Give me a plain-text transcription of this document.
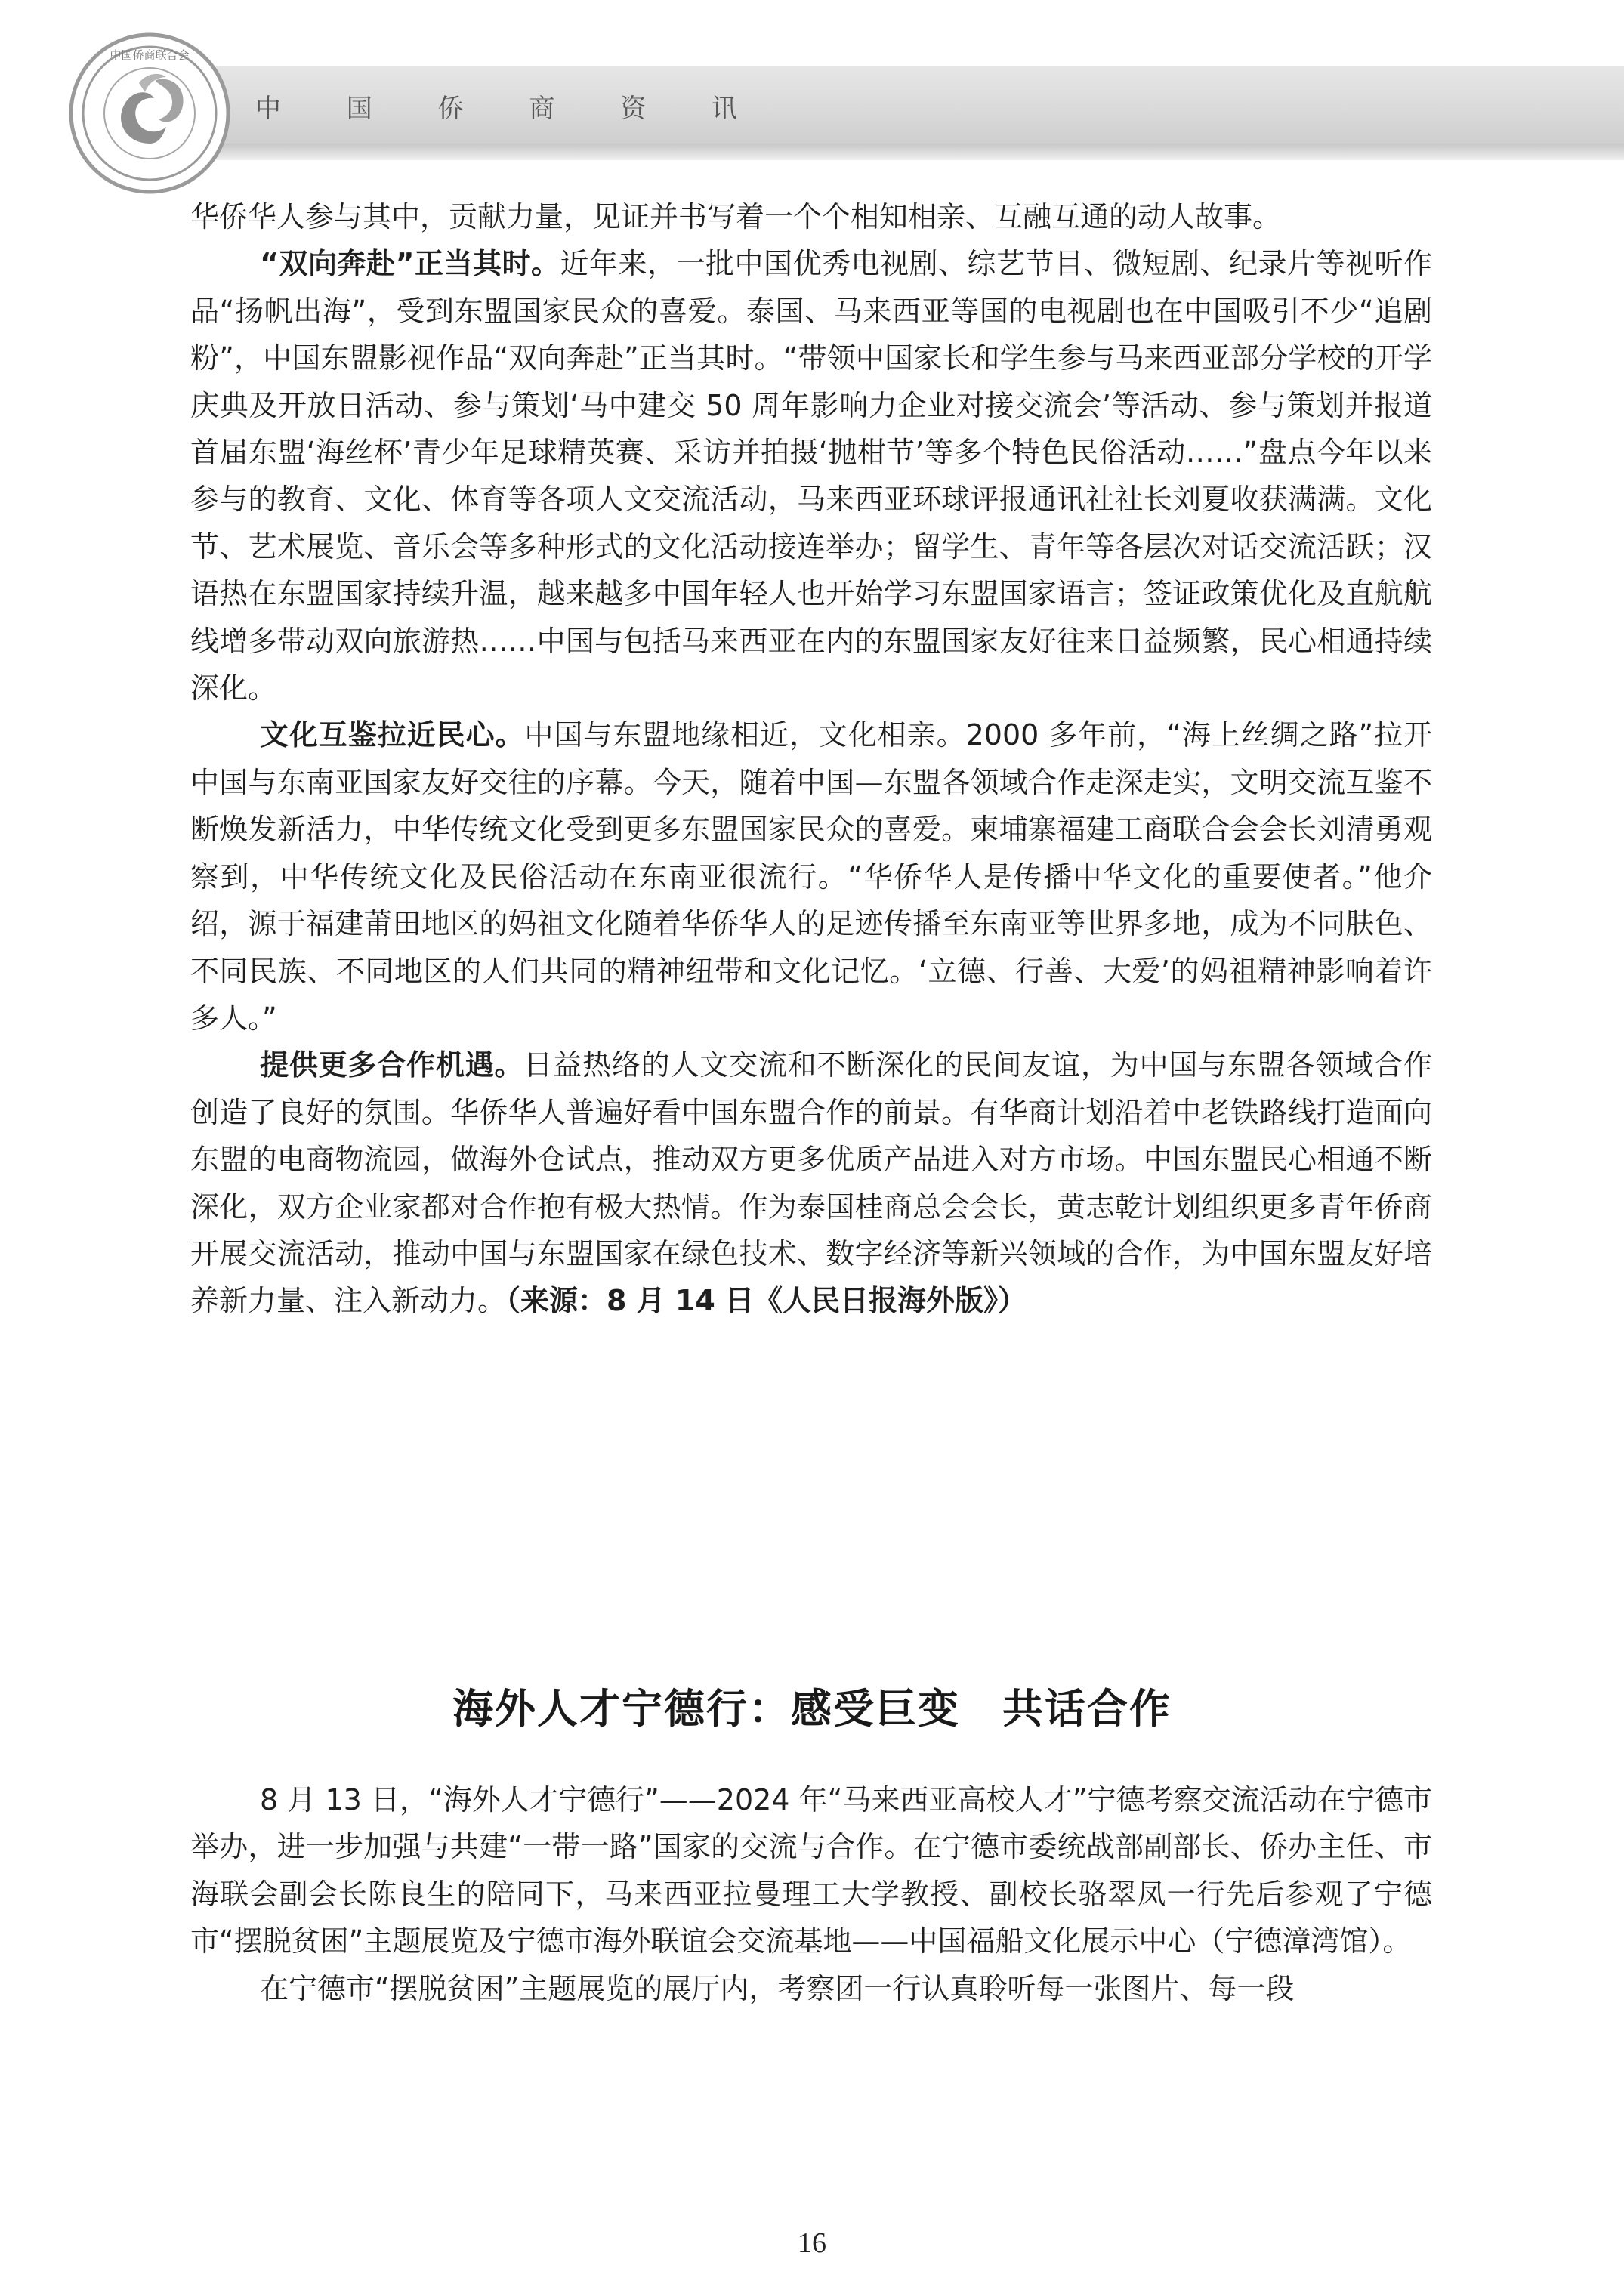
中 国 侨 商 资 讯
中国侨商联合会

华侨华人参与其中，贡献力量，见证并书写着一个个相知相亲、互融互通的动人故事。

“双向奔赴”正当其时。近年来，一批中国优秀电视剧、综艺节目、微短剧、纪录片等视听作品“扬帆出海”，受到东盟国家民众的喜爱。泰国、马来西亚等国的电视剧也在中国吸引不少“追剧粉”，中国东盟影视作品“双向奔赴”正当其时。“带领中国家长和学生参与马来西亚部分学校的开学庆典及开放日活动、参与策划‘马中建交 50 周年影响力企业对接交流会’等活动、参与策划并报道首届东盟‘海丝杯’青少年足球精英赛、采访并拍摄‘抛柑节’等多个特色民俗活动……”盘点今年以来参与的教育、文化、体育等各项人文交流活动，马来西亚环球评报通讯社社长刘夏收获满满。文化节、艺术展览、音乐会等多种形式的文化活动接连举办；留学生、青年等各层次对话交流活跃；汉语热在东盟国家持续升温，越来越多中国年轻人也开始学习东盟国家语言；签证政策优化及直航航线增多带动双向旅游热……中国与包括马来西亚在内的东盟国家友好往来日益频繁，民心相通持续深化。

文化互鉴拉近民心。中国与东盟地缘相近，文化相亲。2000 多年前，“海上丝绸之路”拉开中国与东南亚国家友好交往的序幕。今天，随着中国—东盟各领域合作走深走实，文明交流互鉴不断焕发新活力，中华传统文化受到更多东盟国家民众的喜爱。柬埔寨福建工商联合会会长刘清勇观察到，中华传统文化及民俗活动在东南亚很流行。“华侨华人是传播中华文化的重要使者。”他介绍，源于福建莆田地区的妈祖文化随着华侨华人的足迹传播至东南亚等世界多地，成为不同肤色、不同民族、不同地区的人们共同的精神纽带和文化记忆。‘立德、行善、大爱’的妈祖精神影响着许多人。”

提供更多合作机遇。日益热络的人文交流和不断深化的民间友谊，为中国与东盟各领域合作创造了良好的氛围。华侨华人普遍好看中国东盟合作的前景。有华商计划沿着中老铁路线打造面向东盟的电商物流园，做海外仓试点，推动双方更多优质产品进入对方市场。中国东盟民心相通不断深化，双方企业家都对合作抱有极大热情。作为泰国桂商总会会长，黄志乾计划组织更多青年侨商开展交流活动，推动中国与东盟国家在绿色技术、数字经济等新兴领域的合作，为中国东盟友好培养新力量、注入新动力。（来源：8 月 14 日《人民日报海外版》）

海外人才宁德行：感受巨变　共话合作

8 月 13 日，“海外人才宁德行”——2024 年“马来西亚高校人才”宁德考察交流活动在宁德市举办，进一步加强与共建“一带一路”国家的交流与合作。在宁德市委统战部副部长、侨办主任、市海联会副会长陈良生的陪同下，马来西亚拉曼理工大学教授、副校长骆翠凤一行先后参观了宁德市“摆脱贫困”主题展览及宁德市海外联谊会交流基地——中国福船文化展示中心（宁德漳湾馆）。

在宁德市“摆脱贫困”主题展览的展厅内，考察团一行认真聆听每一张图片、每一段

16
